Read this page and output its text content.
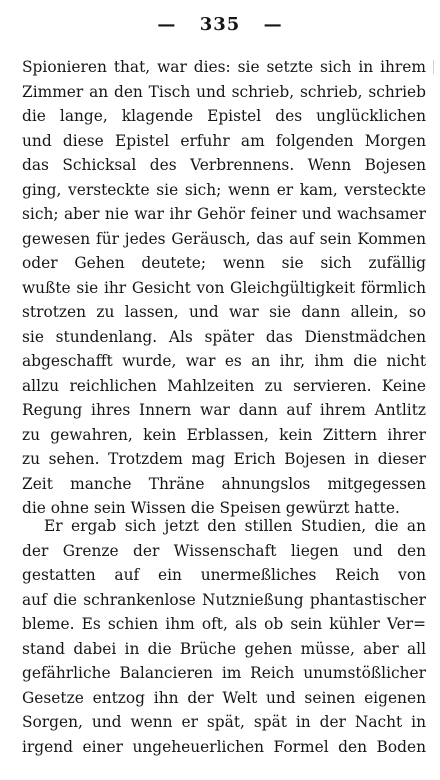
— 335 —
Spionieren that, war dies: sie setzte sich in ihrem
Zimmer an den Tisch und schrieb, schrieb, schrieb
die lange, klagende Epistel des unglücklichen
und diese Epistel erfuhr am folgenden Morgen
das Schicksal des Verbrennens. Wenn Bojesen
ging, versteckte sie sich; wenn er kam, versteckte
sich; aber nie war ihr Gehör feiner und wachsamer
gewesen für jedes Geräusch, das auf sein Kommen
oder Gehen deutete; wenn sie sich zufällig
wußte sie ihr Gesicht von Gleichgültigkeit förmlich
strotzen zu lassen, und war sie dann allein, so
sie stundenlang. Als später das Dienstmädchen
abgeschafft wurde, war es an ihr, ihm die nicht
allzu reichlichen Mahlzeiten zu servieren. Keine
Regung ihres Innern war dann auf ihrem Antlitz
zu gewahren, kein Erblassen, kein Zittern ihrer
zu sehen. Trotzdem mag Erich Bojesen in dieser
Zeit manche Thräne ahnungslos mitgegessen
die ohne sein Wissen die Speisen gewürzt hatte.
Er ergab sich jetzt den stillen Studien, die an
der Grenze der Wissenschaft liegen und den
gestatten auf ein unermeßliches Reich von
auf die schrankenlose Nutznießung phantastischer
bleme. Es schien ihm oft, als ob sein kühler Ver=
stand dabei in die Brüche gehen müsse, aber all
gefährliche Balancieren im Reich unumstößlicher
Gesetze entzog ihn der Welt und seinen eigenen
Sorgen, und wenn er spät, spät in der Nacht in
irgend einer ungeheuerlichen Formel den Boden
